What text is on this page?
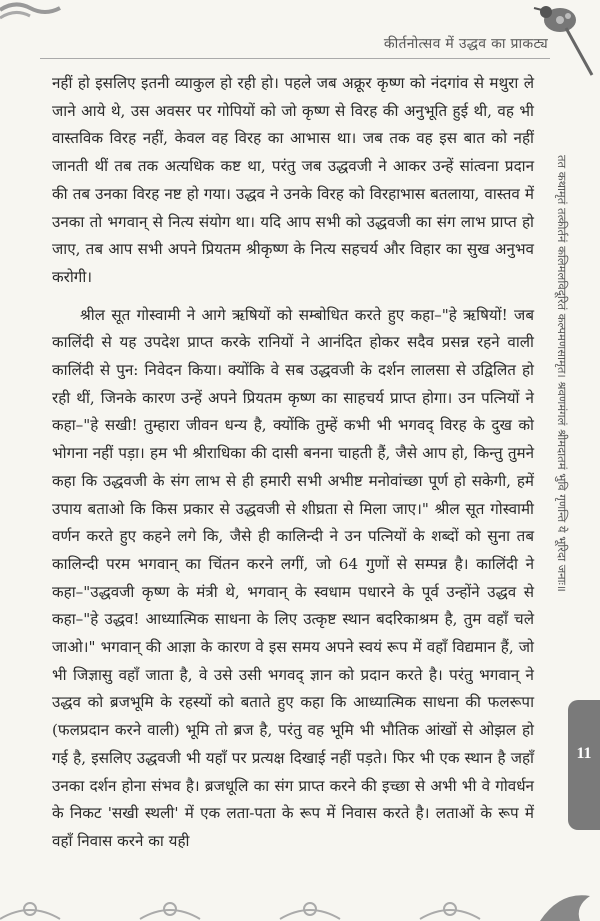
कीर्तनोत्सव में उद्धव का प्राकट्य

नहीं हो इसलिए इतनी व्याकुल हो रही हो। पहले जब अक्रूर कृष्ण को नंदगांव से मथुरा ले जाने आये थे, उस अवसर पर गोपियों को जो कृष्ण से विरह की अनुभूति हुई थी, वह भी वास्तविक विरह नहीं, केवल वह विरह का आभास था। जब तक वह इस बात को नहीं जानती थीं तब तक अत्यधिक कष्ट था, परंतु जब उद्धवजी ने आकर उन्हें सांत्वना प्रदान की तब उनका विरह नष्ट हो गया। उद्धव ने उनके विरह को विरहाभास बतलाया, वास्तव में उनका तो भगवान् से नित्य संयोग था। यदि आप सभी को उद्धवजी का संग लाभ प्राप्त हो जाए, तब आप सभी अपने प्रियतम श्रीकृष्ण के नित्य सहचर्य और विहार का सुख अनुभव करोगी।

श्रील सूत गोस्वामी ने आगे ऋषियों को सम्बोधित करते हुए कहा–"हे ऋषियों! जब कालिंदी से यह उपदेश प्राप्त करके रानियों ने आनंदित होकर सदैव प्रसन्न रहने वाली कालिंदी से पुन: निवेदन किया। क्योंकि वे सब उद्धवजी के दर्शन लालसा से उद्विलित हो रही थीं, जिनके कारण उन्हें अपने प्रियतम कृष्ण का साहचर्य प्राप्त होगा। उन पत्नियों ने कहा–"हे सखी! तुम्हारा जीवन धन्य है, क्योंकि तुम्हें कभी भी भगवद् विरह के दुख को भोगना नहीं पड़ा। हम भी श्रीराधिका की दासी बनना चाहती हैं, जैसे आप हो, किन्तु तुमने कहा कि उद्धवजी के संग लाभ से ही हमारी सभी अभीष्ट मनोवांच्छा पूर्ण हो सकेगी, हमें उपाय बताओ कि किस प्रकार से उद्धवजी से शीघ्रता से मिला जाए।" श्रील सूत गोस्वामी वर्णन करते हुए कहने लगे कि, जैसे ही कालिन्दी ने उन पत्नियों के शब्दों को सुना तब कालिन्दी परम भगवान् का चिंतन करने लगीं, जो 64 गुणों से सम्पन्न है। कालिंदी ने कहा–"उद्धवजी कृष्ण के मंत्री थे, भगवान् के स्वधाम पधारने के पूर्व उन्होंने उद्धव से कहा–"हे उद्धव! आध्यात्मिक साधना के लिए उत्कृष्ट स्थान बदरिकाश्रम है, तुम वहाँ चले जाओ।" भगवान् की आज्ञा के कारण वे इस समय अपने स्वयं रूप में वहाँ विद्यमान हैं, जो भी जिज्ञासु वहाँ जाता है, वे उसे उसी भगवद् ज्ञान को प्रदान करते है। परंतु भगवान् ने उद्धव को ब्रजभूमि के रहस्यों को बताते हुए कहा कि आध्यात्मिक साधना की फलरूपा (फलप्रदान करने वाली) भूमि तो ब्रज है, परंतु वह भूमि भी भौतिक आंखों से ओझल हो गई है, इसलिए उद्धवजी भी यहाँ पर प्रत्यक्ष दिखाई नहीं पड़ते। फिर भी एक स्थान है जहाँ उनका दर्शन होना संभव है। ब्रजधूलि का संग प्राप्त करने की इच्छा से अभी भी वे गोवर्धन के निकट 'सखी स्थली' में एक लता-पता के रूप में निवास करते है। लताओं के रूप में वहाँ निवास करने का यही

तत कथामृतं तत्कीर्तनं कलिमलविदूरितं कल्पमणसामृत। श्रवणमंगलं श्रीमदातमं भुवि गृणन्ति ये भूरिदा जनाः॥
11
